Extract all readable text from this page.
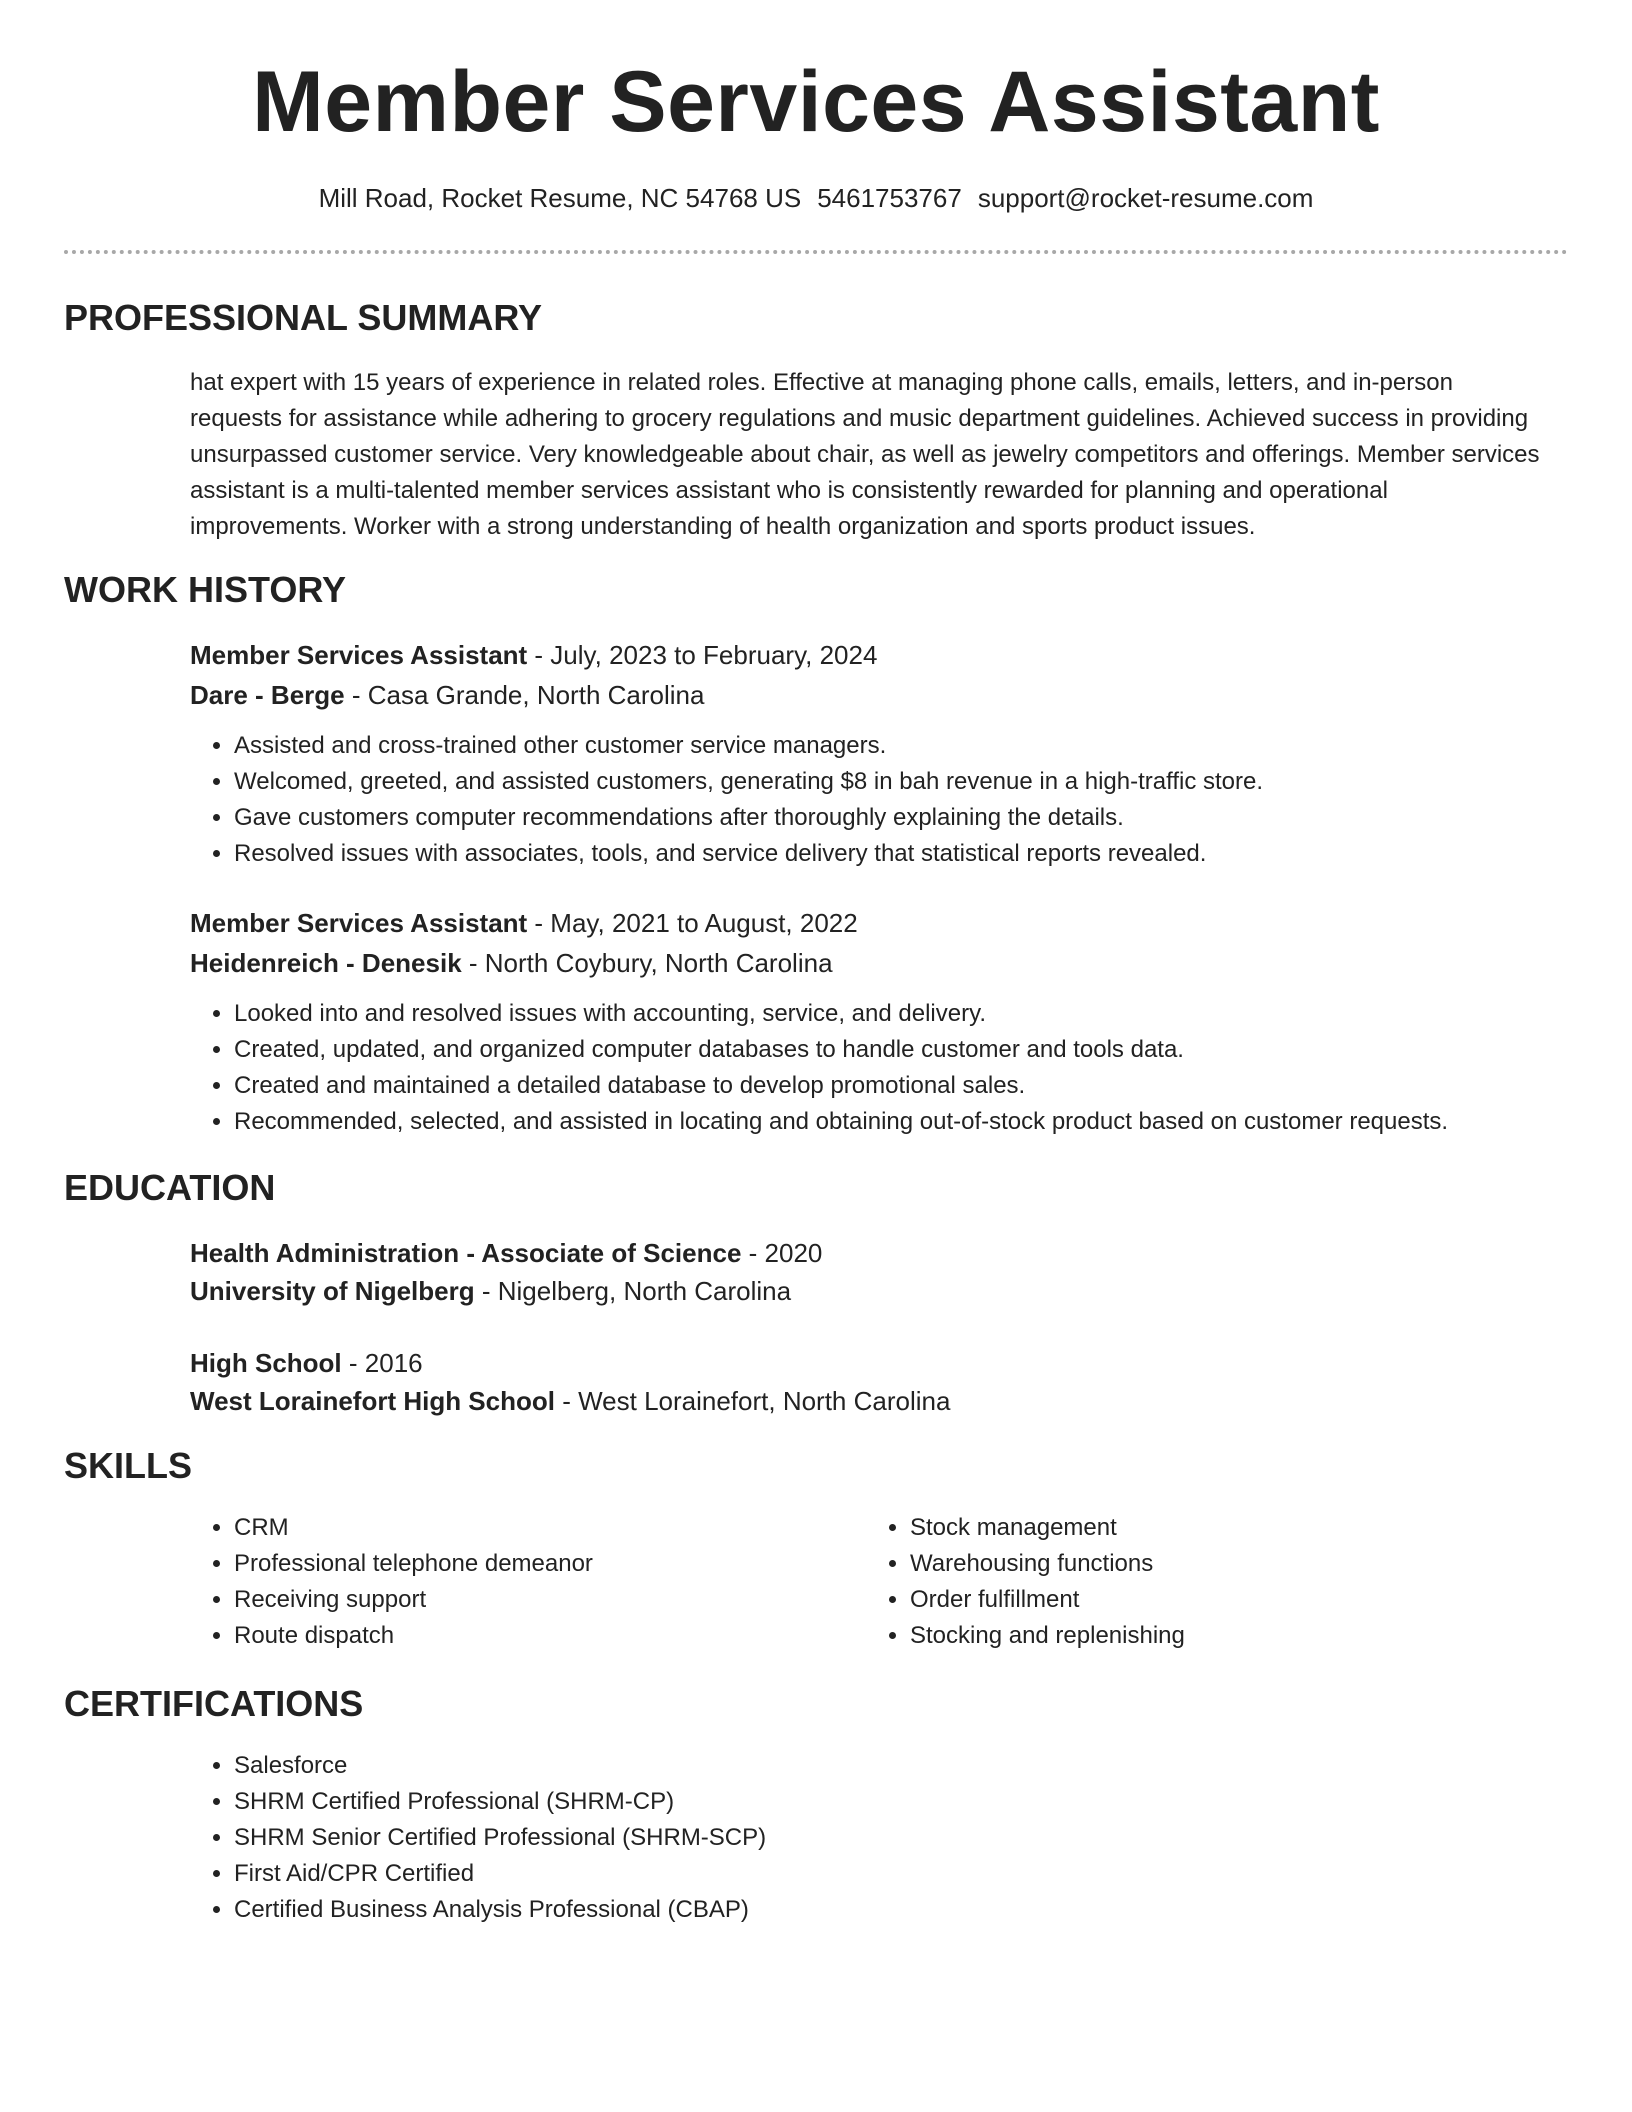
Member Services Assistant
Mill Road, Rocket Resume, NC 54768 US 5461753767 support@rocket-resume.com
PROFESSIONAL SUMMARY
hat expert with 15 years of experience in related roles. Effective at managing phone calls, emails, letters, and in-person requests for assistance while adhering to grocery regulations and music department guidelines. Achieved success in providing unsurpassed customer service. Very knowledgeable about chair, as well as jewelry competitors and offerings. Member services assistant is a multi-talented member services assistant who is consistently rewarded for planning and operational improvements. Worker with a strong understanding of health organization and sports product issues.
WORK HISTORY
Member Services Assistant - July, 2023 to February, 2024
Dare - Berge - Casa Grande, North Carolina
• Assisted and cross-trained other customer service managers.
• Welcomed, greeted, and assisted customers, generating $8 in bah revenue in a high-traffic store.
• Gave customers computer recommendations after thoroughly explaining the details.
• Resolved issues with associates, tools, and service delivery that statistical reports revealed.
Member Services Assistant - May, 2021 to August, 2022
Heidenreich - Denesik - North Coybury, North Carolina
• Looked into and resolved issues with accounting, service, and delivery.
• Created, updated, and organized computer databases to handle customer and tools data.
• Created and maintained a detailed database to develop promotional sales.
• Recommended, selected, and assisted in locating and obtaining out-of-stock product based on customer requests.
EDUCATION
Health Administration - Associate of Science - 2020
University of Nigelberg - Nigelberg, North Carolina
High School - 2016
West Lorainefort High School - West Lorainefort, North Carolina
SKILLS
• CRM
• Professional telephone demeanor
• Receiving support
• Route dispatch
• Stock management
• Warehousing functions
• Order fulfillment
• Stocking and replenishing
CERTIFICATIONS
• Salesforce
• SHRM Certified Professional (SHRM-CP)
• SHRM Senior Certified Professional (SHRM-SCP)
• First Aid/CPR Certified
• Certified Business Analysis Professional (CBAP)
